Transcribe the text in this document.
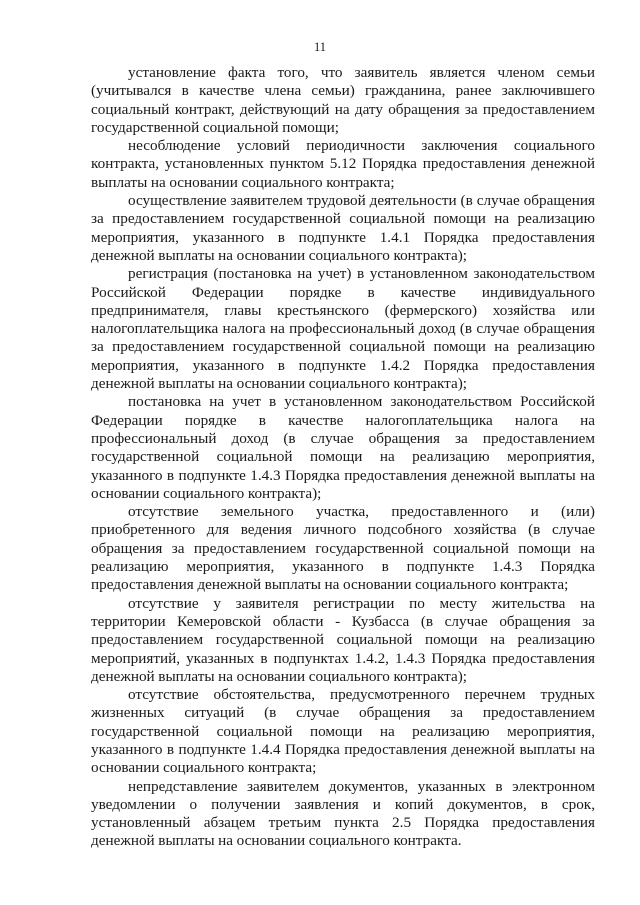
11

установление факта того, что заявитель является членом семьи (учитывался в качестве члена семьи) гражданина, ранее заключившего социальный контракт, действующий на дату обращения за предоставлением государственной социальной помощи;

несоблюдение условий периодичности заключения социального контракта, установленных пунктом 5.12 Порядка предоставления денежной выплаты на основании социального контракта;

осуществление заявителем трудовой деятельности (в случае обращения за предоставлением государственной социальной помощи на реализацию мероприятия, указанного в подпункте 1.4.1 Порядка предоставления денежной выплаты на основании социального контракта);

регистрация (постановка на учет) в установленном законодательством Российской Федерации порядке в качестве индивидуального предпринимателя, главы крестьянского (фермерского) хозяйства или налогоплательщика налога на профессиональный доход (в случае обращения за предоставлением государственной социальной помощи на реализацию мероприятия, указанного в подпункте 1.4.2 Порядка предоставления денежной выплаты на основании социального контракта);

постановка на учет в установленном законодательством Российской Федерации порядке в качестве налогоплательщика налога на профессиональный доход (в случае обращения за предоставлением государственной социальной помощи на реализацию мероприятия, указанного в подпункте 1.4.3 Порядка предоставления денежной выплаты на основании социального контракта);

отсутствие земельного участка, предоставленного и (или) приобретенного для ведения личного подсобного хозяйства (в случае обращения за предоставлением государственной социальной помощи на реализацию мероприятия, указанного в подпункте 1.4.3 Порядка предоставления денежной выплаты на основании социального контракта;

отсутствие у заявителя регистрации по месту жительства на территории Кемеровской области - Кузбасса (в случае обращения за предоставлением государственной социальной помощи на реализацию мероприятий, указанных в подпунктах 1.4.2, 1.4.3 Порядка предоставления денежной выплаты на основании социального контракта);

отсутствие обстоятельства, предусмотренного перечнем трудных жизненных ситуаций (в случае обращения за предоставлением государственной социальной помощи на реализацию мероприятия, указанного в подпункте 1.4.4 Порядка предоставления денежной выплаты на основании социального контракта;

непредставление заявителем документов, указанных в электронном уведомлении о получении заявления и копий документов, в срок, установленный абзацем третьим пункта 2.5 Порядка предоставления денежной выплаты на основании социального контракта.
